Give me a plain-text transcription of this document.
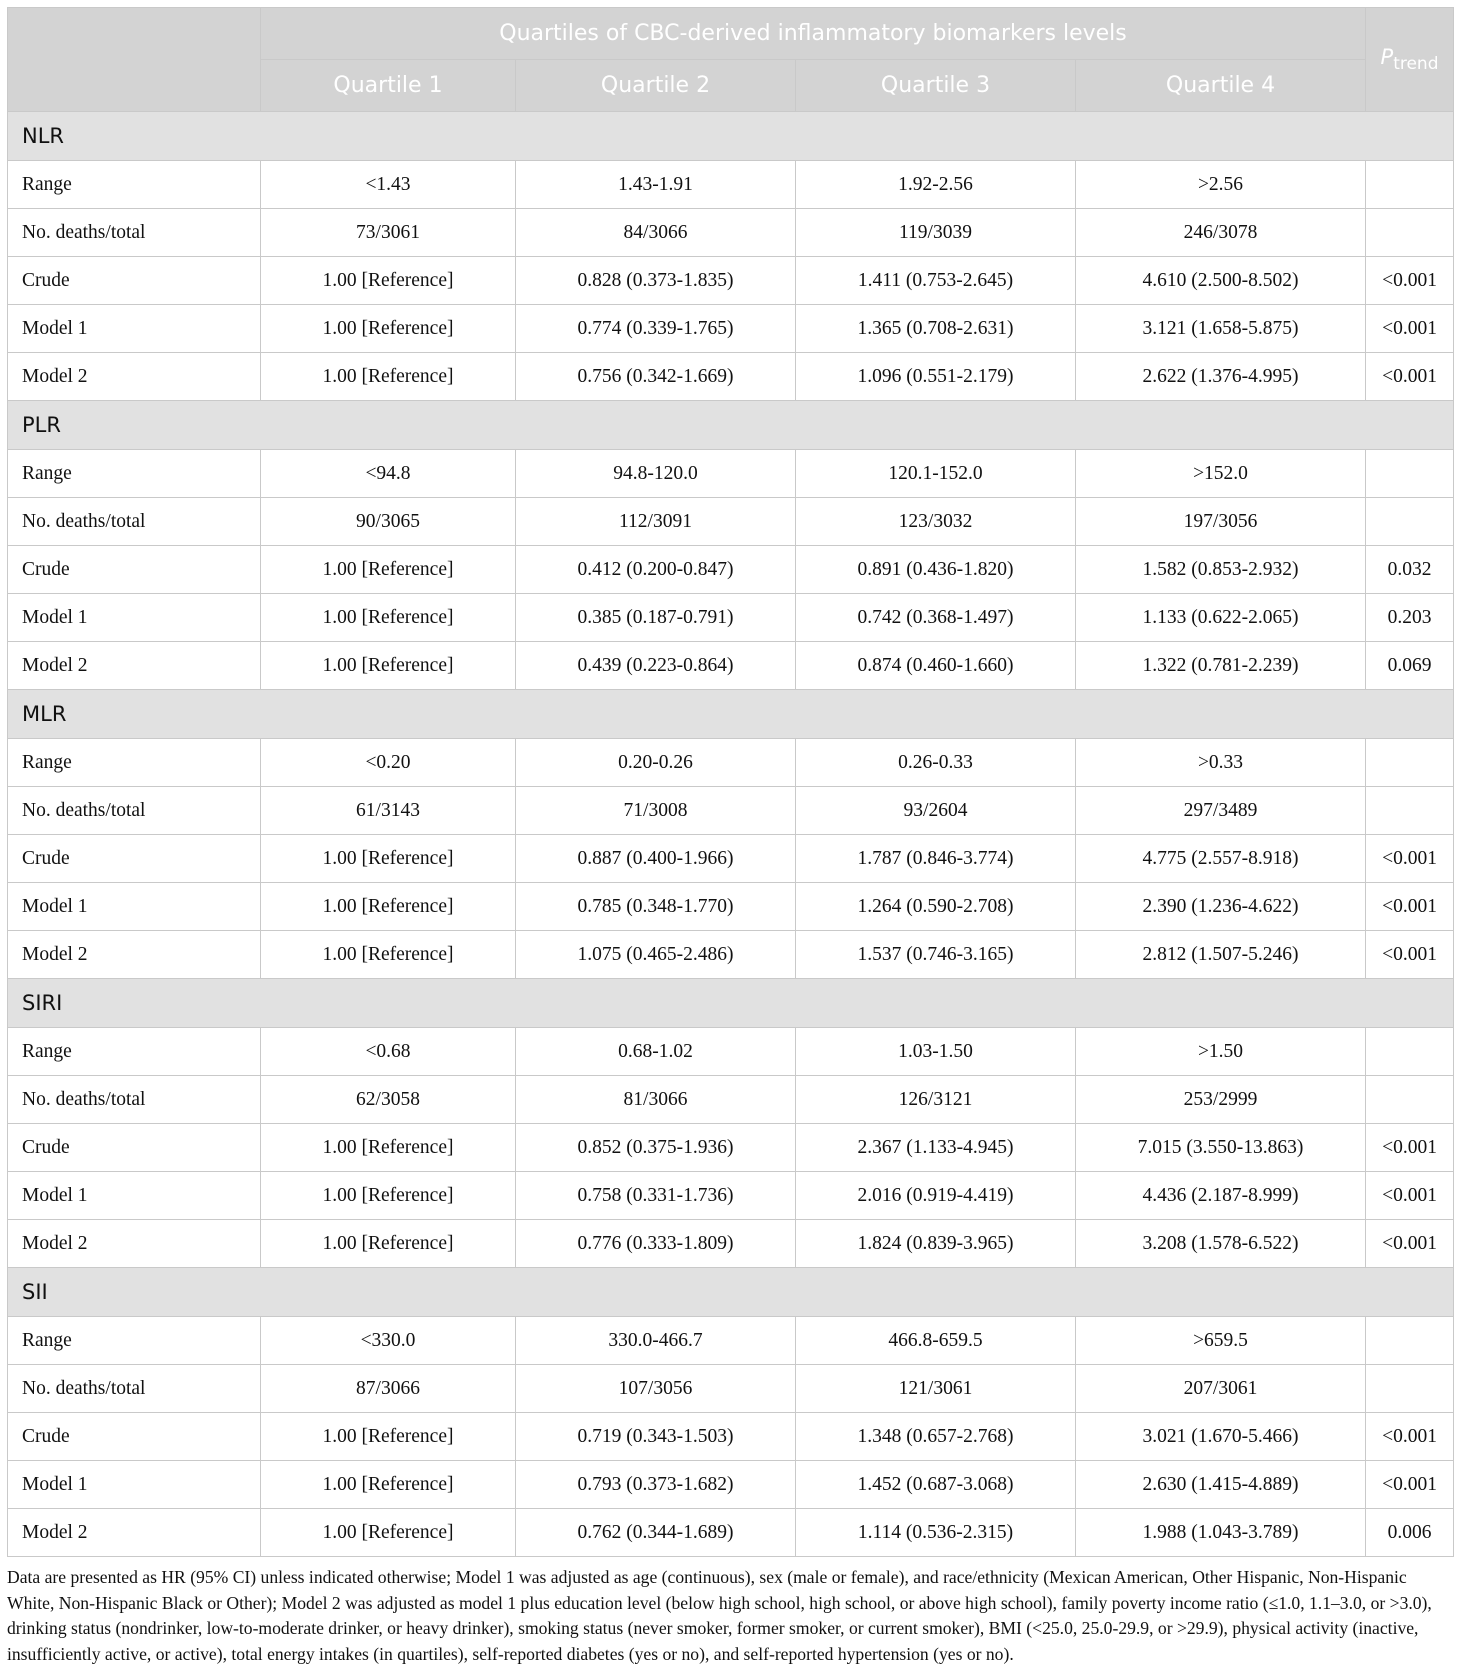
	Quartiles of CBC-derived inflammatory biomarkers levels				$P_{trend}$
	Quartile 1	Quartile 2	Quartile 3	Quartile 4	
NLR					
Range	<1.43	1.43-1.91	1.92-2.56	>2.56	
No. deaths/total	73/3061	84/3066	119/3039	246/3078	
Crude	1.00 [Reference]	0.828 (0.373-1.835)	1.411 (0.753-2.645)	4.610 (2.500-8.502)	<0.001
Model 1	1.00 [Reference]	0.774 (0.339-1.765)	1.365 (0.708-2.631)	3.121 (1.658-5.875)	<0.001
Model 2	1.00 [Reference]	0.756 (0.342-1.669)	1.096 (0.551-2.179)	2.622 (1.376-4.995)	<0.001
PLR					
Range	<94.8	94.8-120.0	120.1-152.0	>152.0	
No. deaths/total	90/3065	112/3091	123/3032	197/3056	
Crude	1.00 [Reference]	0.412 (0.200-0.847)	0.891 (0.436-1.820)	1.582 (0.853-2.932)	0.032
Model 1	1.00 [Reference]	0.385 (0.187-0.791)	0.742 (0.368-1.497)	1.133 (0.622-2.065)	0.203
Model 2	1.00 [Reference]	0.439 (0.223-0.864)	0.874 (0.460-1.660)	1.322 (0.781-2.239)	0.069
MLR					
Range	<0.20	0.20-0.26	0.26-0.33	>0.33	
No. deaths/total	61/3143	71/3008	93/2604	297/3489	
Crude	1.00 [Reference]	0.887 (0.400-1.966)	1.787 (0.846-3.774)	4.775 (2.557-8.918)	<0.001
Model 1	1.00 [Reference]	0.785 (0.348-1.770)	1.264 (0.590-2.708)	2.390 (1.236-4.622)	<0.001
Model 2	1.00 [Reference]	1.075 (0.465-2.486)	1.537 (0.746-3.165)	2.812 (1.507-5.246)	<0.001
SIRI					
Range	<0.68	0.68-1.02	1.03-1.50	>1.50	
No. deaths/total	62/3058	81/3066	126/3121	253/2999	
Crude	1.00 [Reference]	0.852 (0.375-1.936)	2.367 (1.133-4.945)	7.015 (3.550-13.863)	<0.001
Model 1	1.00 [Reference]	0.758 (0.331-1.736)	2.016 (0.919-4.419)	4.436 (2.187-8.999)	<0.001
Model 2	1.00 [Reference]	0.776 (0.333-1.809)	1.824 (0.839-3.965)	3.208 (1.578-6.522)	<0.001
SII					
Range	<330.0	330.0-466.7	466.8-659.5	>659.5	
No. deaths/total	87/3066	107/3056	121/3061	207/3061	
Crude	1.00 [Reference]	0.719 (0.343-1.503)	1.348 (0.657-2.768)	3.021 (1.670-5.466)	<0.001
Model 1	1.00 [Reference]	0.793 (0.373-1.682)	1.452 (0.687-3.068)	2.630 (1.415-4.889)	<0.001
Model 2	1.00 [Reference]	0.762 (0.344-1.689)	1.114 (0.536-2.315)	1.988 (1.043-3.789)	0.006
Data are presented as HR (95% CI) unless indicated otherwise; Model 1 was adjusted as age (continuous), sex (male or female), and race/ethnicity (Mexican American, Other Hispanic, Non-Hispanic White, Non-Hispanic Black or Other); Model 2 was adjusted as model 1 plus education level (below high school, high school, or above high school), family poverty income ratio (≤1.0, 1.1–3.0, or >3.0), drinking status (nondrinker, low-to-moderate drinker, or heavy drinker), smoking status (never smoker, former smoker, or current smoker), BMI (<25.0, 25.0-29.9, or >29.9), physical activity (inactive, insufficiently active, or active), total energy intakes (in quartiles), self-reported diabetes (yes or no), and self-reported hypertension (yes or no).
